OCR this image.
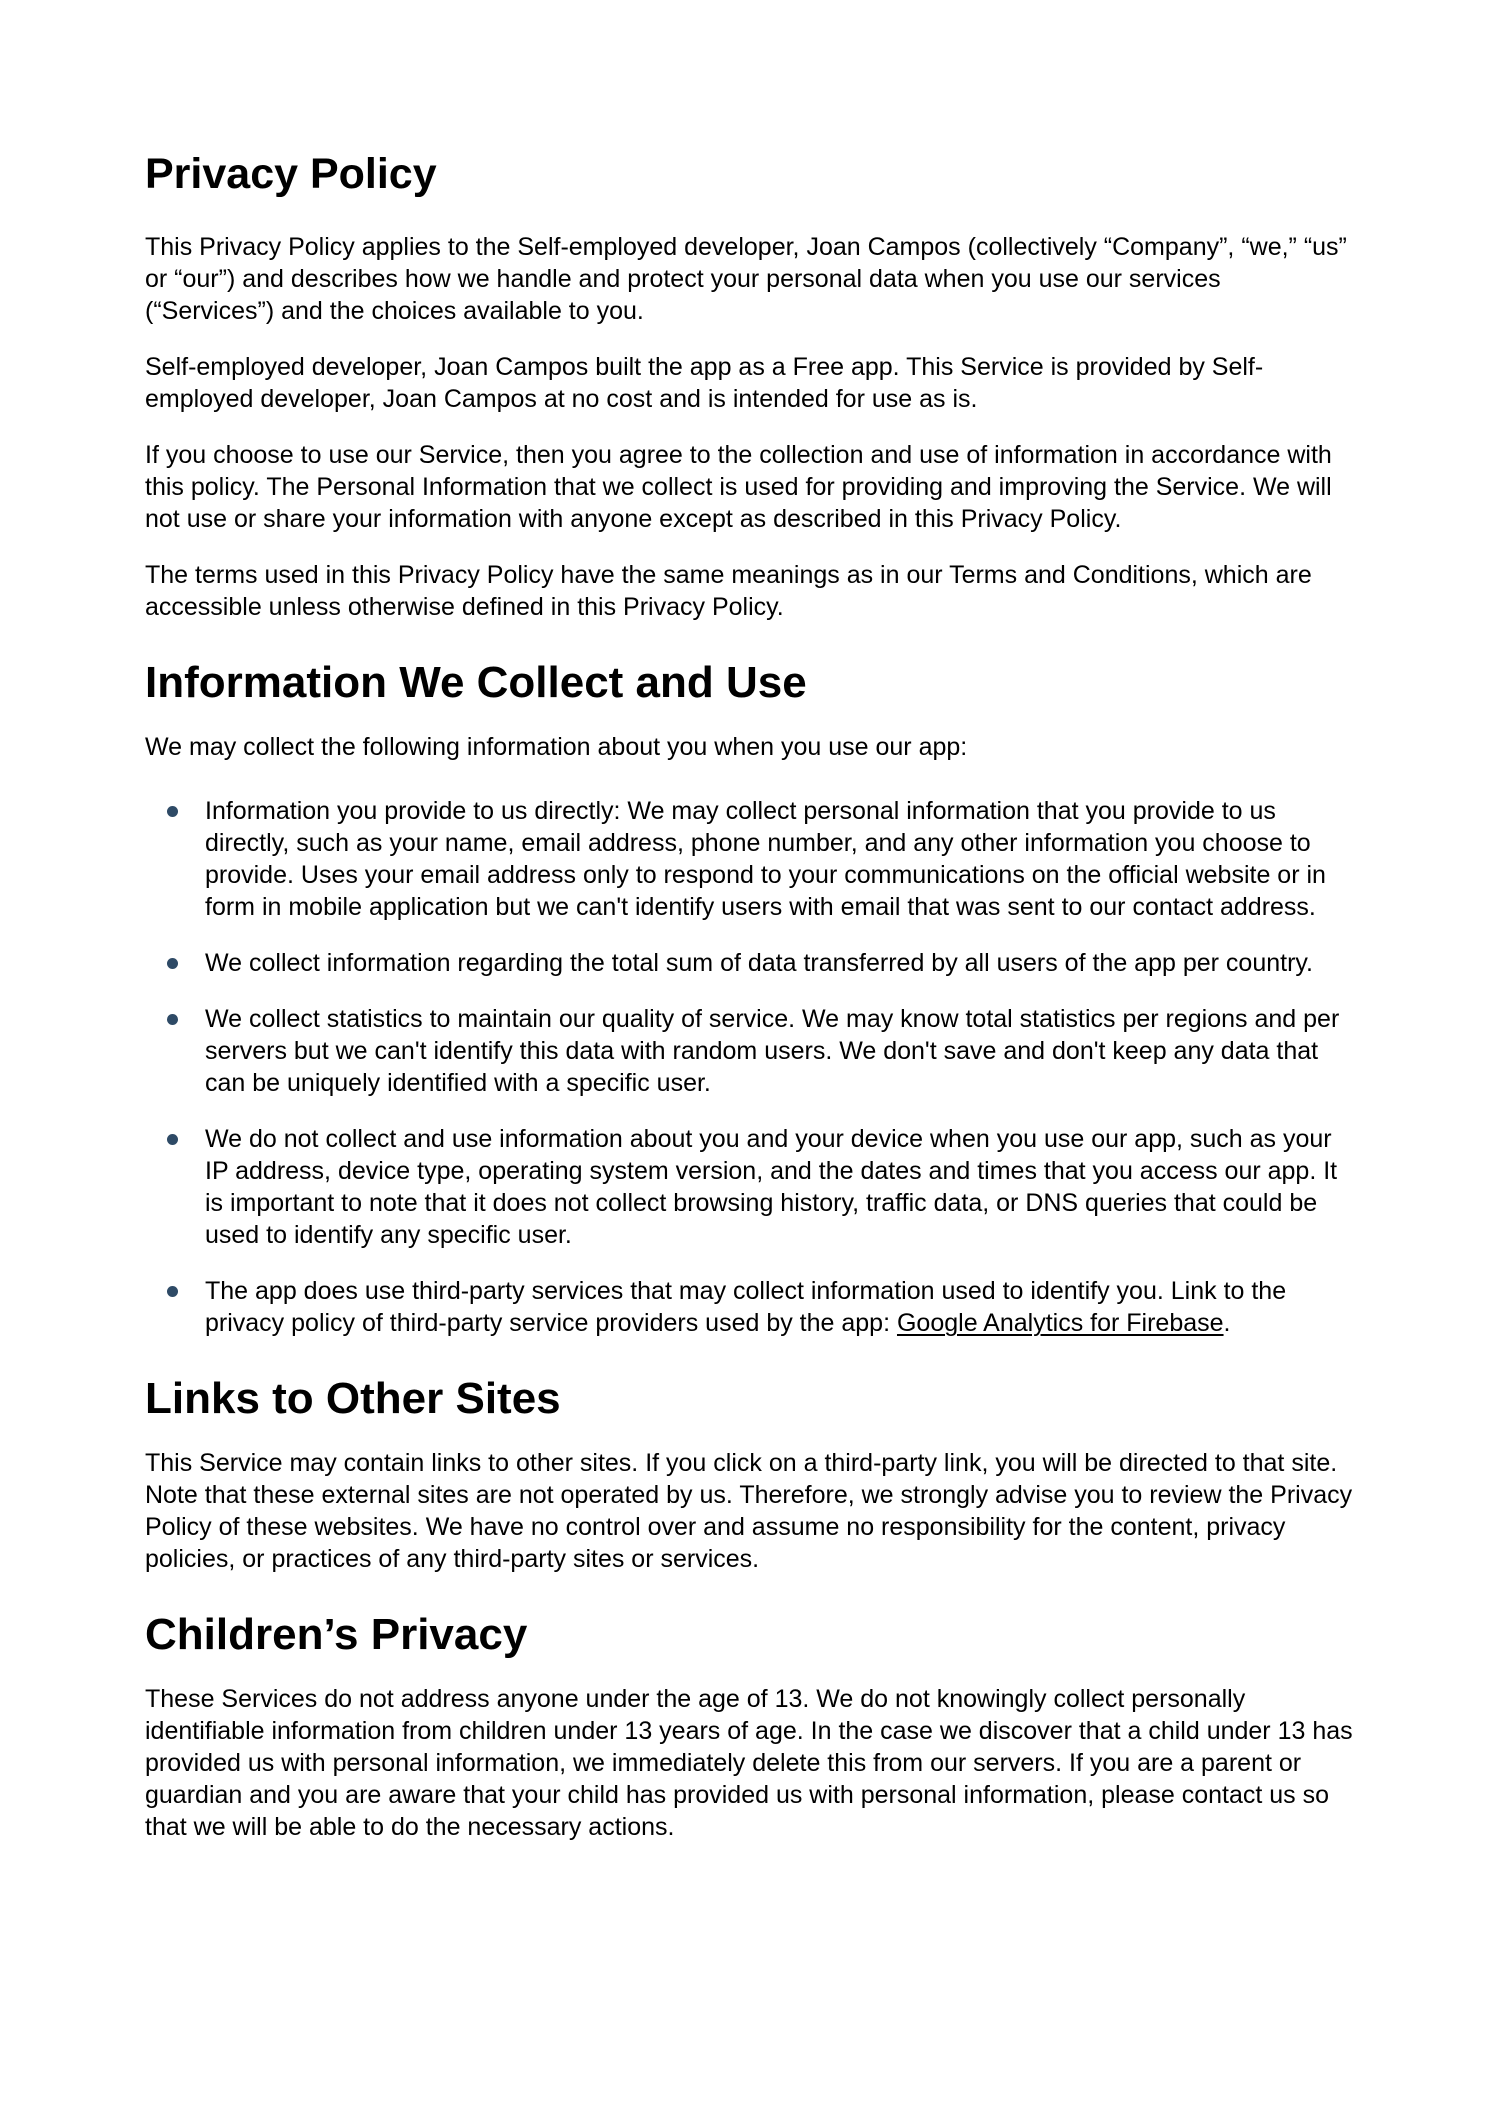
Privacy Policy

This Privacy Policy applies to the Self-employed developer, Joan Campos (collectively “Company”, “we,” “us” or “our”) and describes how we handle and protect your personal data when you use our services (“Services”) and the choices available to you.

Self-employed developer, Joan Campos built the app as a Free app. This Service is provided by Self-employed developer, Joan Campos at no cost and is intended for use as is.

If you choose to use our Service, then you agree to the collection and use of information in accordance with this policy. The Personal Information that we collect is used for providing and improving the Service. We will not use or share your information with anyone except as described in this Privacy Policy.

The terms used in this Privacy Policy have the same meanings as in our Terms and Conditions, which are accessible unless otherwise defined in this Privacy Policy.

Information We Collect and Use

We may collect the following information about you when you use our app:

Information you provide to us directly: We may collect personal information that you provide to us directly, such as your name, email address, phone number, and any other information you choose to provide. Uses your email address only to respond to your communications on the official website or in form in mobile application but we can't identify users with email that was sent to our contact address.
We collect information regarding the total sum of data transferred by all users of the app per country.
We collect statistics to maintain our quality of service. We may know total statistics per regions and per servers but we can't identify this data with random users. We don't save and don't keep any data that can be uniquely identified with a specific user.
We do not collect and use information about you and your device when you use our app, such as your IP address, device type, operating system version, and the dates and times that you access our app. It is important to note that it does not collect browsing history, traffic data, or DNS queries that could be used to identify any specific user.
The app does use third-party services that may collect information used to identify you. Link to the privacy policy of third-party service providers used by the app: Google Analytics for Firebase.
Links to Other Sites

This Service may contain links to other sites. If you click on a third-party link, you will be directed to that site. Note that these external sites are not operated by us. Therefore, we strongly advise you to review the Privacy Policy of these websites. We have no control over and assume no responsibility for the content, privacy policies, or practices of any third-party sites or services.

Children’s Privacy

These Services do not address anyone under the age of 13. We do not knowingly collect personally identifiable information from children under 13 years of age. In the case we discover that a child under 13 has provided us with personal information, we immediately delete this from our servers. If you are a parent or guardian and you are aware that your child has provided us with personal information, please contact us so that we will be able to do the necessary actions.
